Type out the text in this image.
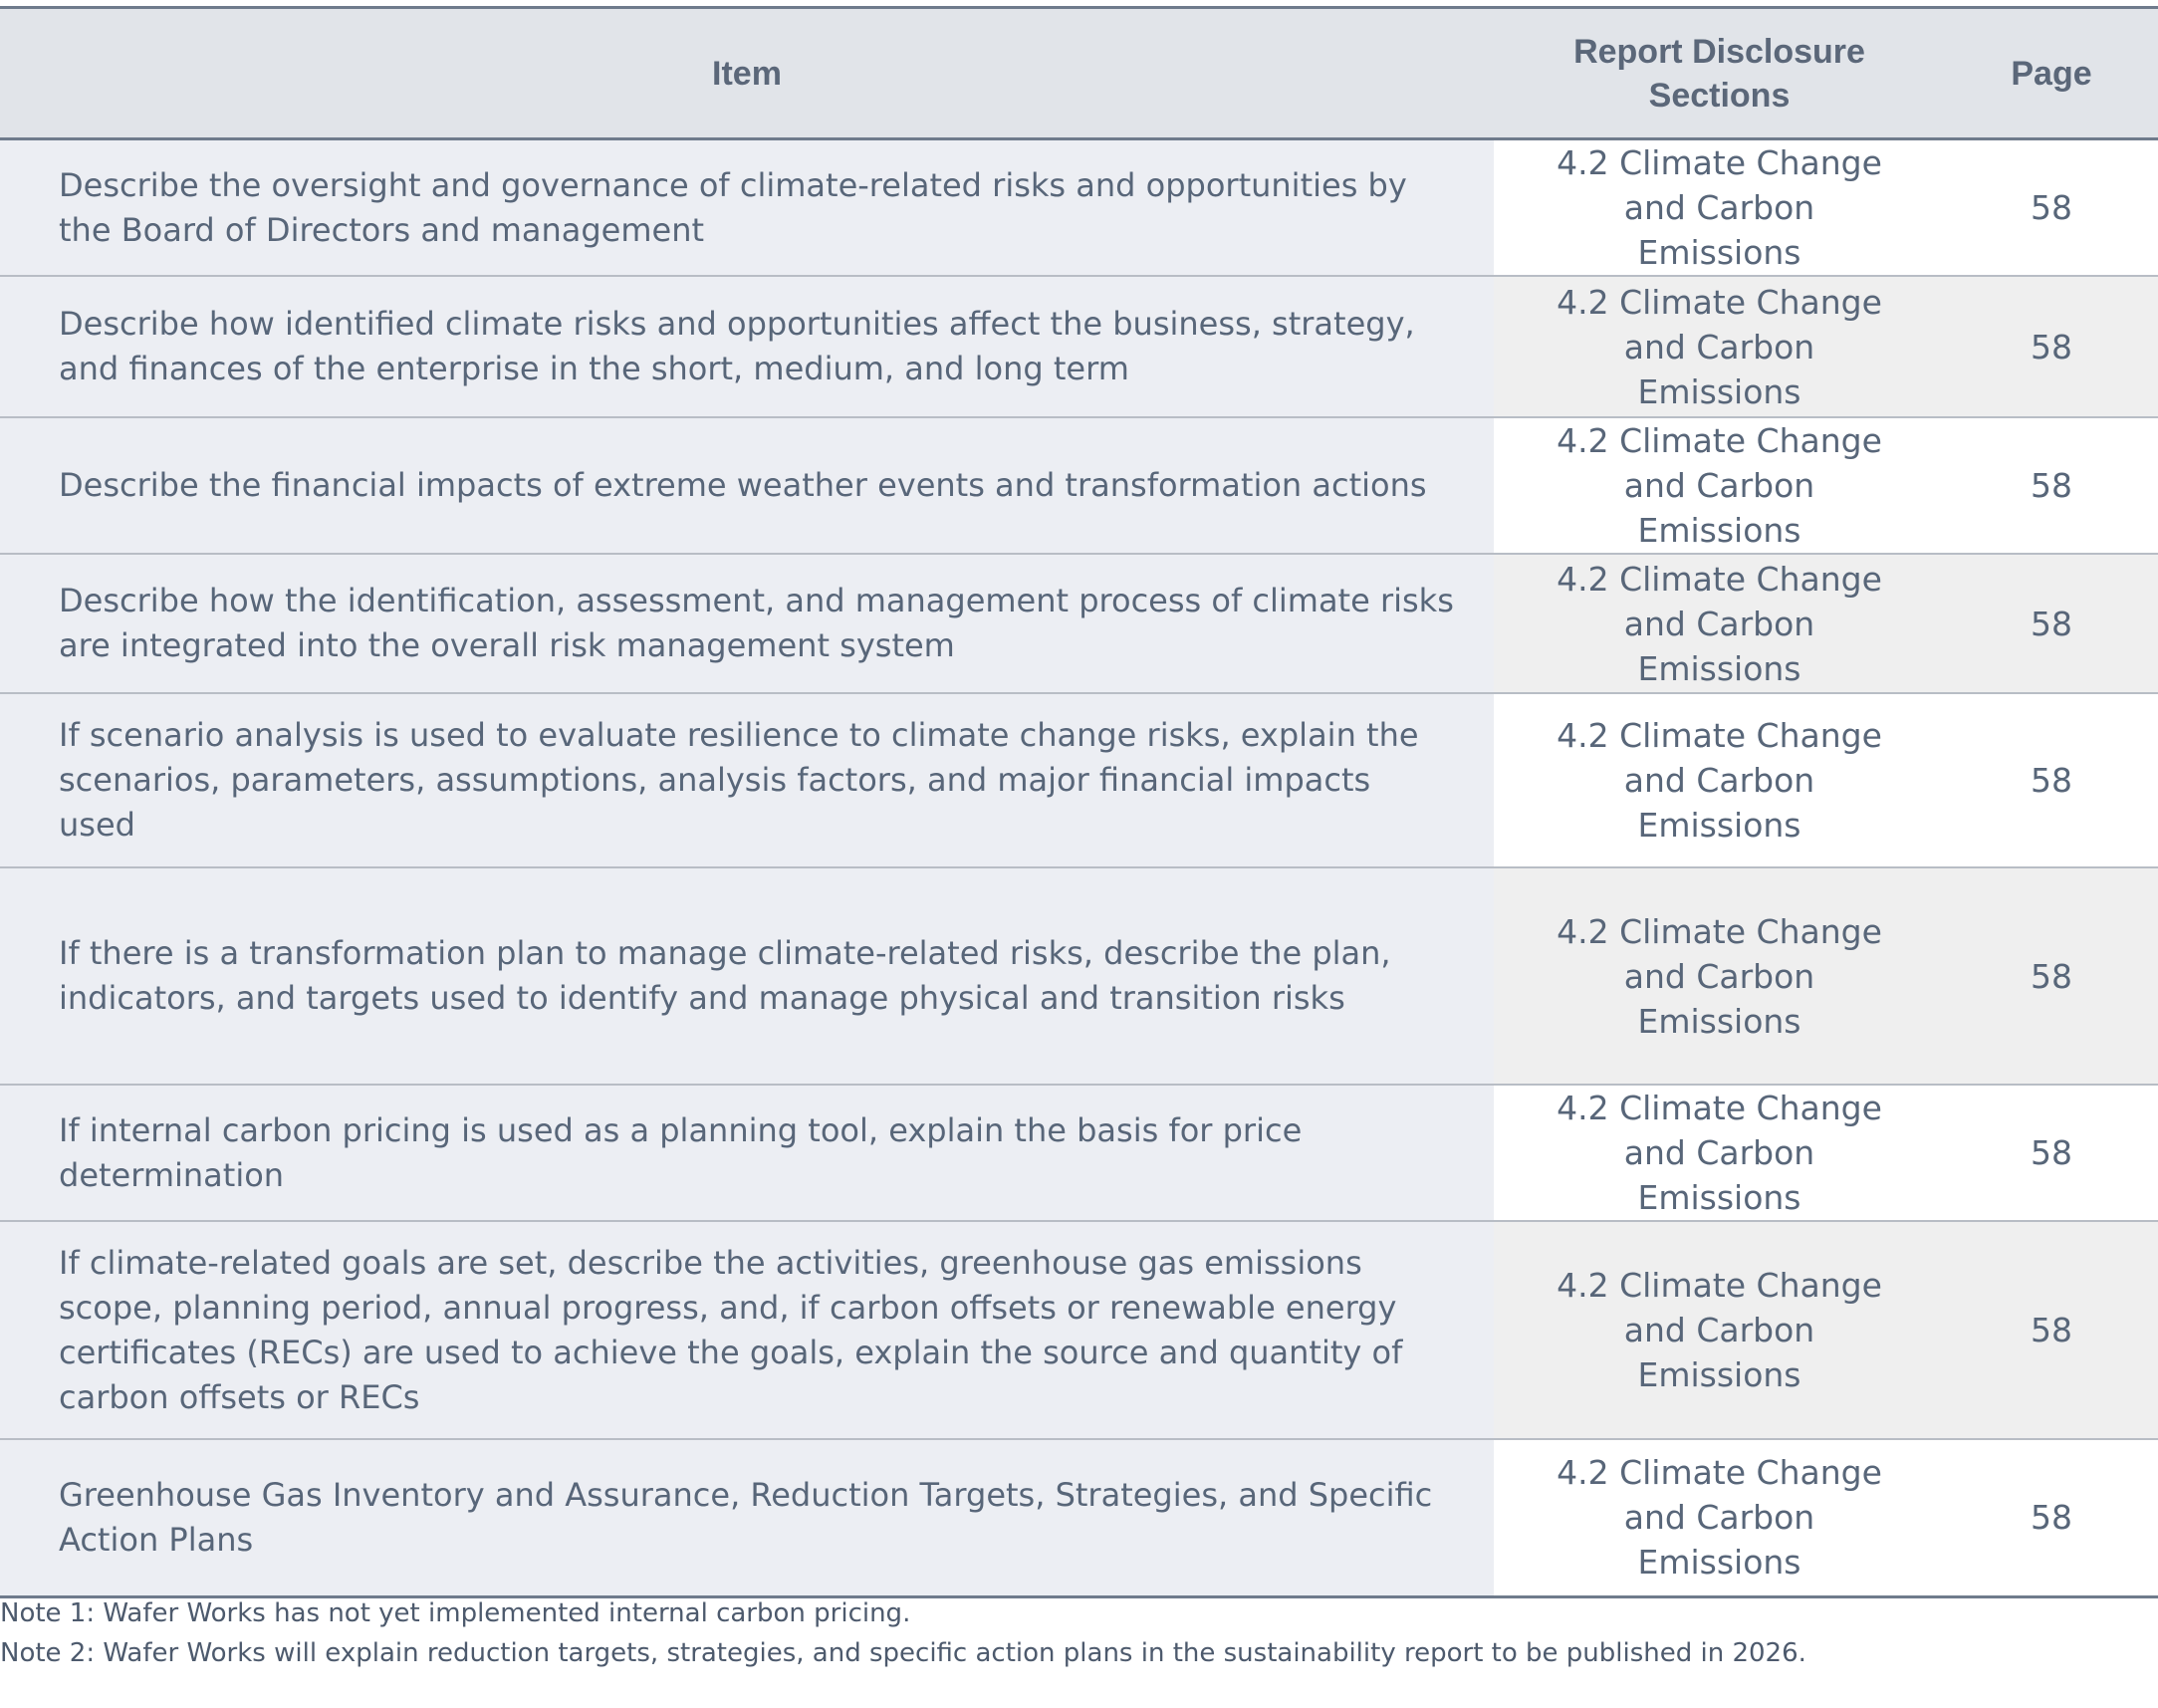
Item	Report Disclosure Sections	Page
Describe the oversight and governance of climate-related risks and opportunities by the Board of Directors and management	4.2 Climate Change and Carbon Emissions	58
Describe how identified climate risks and opportunities affect the business, strategy, and finances of the enterprise in the short, medium, and long term	4.2 Climate Change and Carbon Emissions	58
Describe the financial impacts of extreme weather events and transformation actions	4.2 Climate Change and Carbon Emissions	58
Describe how the identification, assessment, and management process of climate risks are integrated into the overall risk management system	4.2 Climate Change and Carbon Emissions	58
If scenario analysis is used to evaluate resilience to climate change risks, explain the scenarios, parameters, assumptions, analysis factors, and major financial impacts used	4.2 Climate Change and Carbon Emissions	58
If there is a transformation plan to manage climate-related risks, describe the plan, indicators, and targets used to identify and manage physical and transition risks	4.2 Climate Change and Carbon Emissions	58
If internal carbon pricing is used as a planning tool, explain the basis for price determination	4.2 Climate Change and Carbon Emissions	58
If climate-related goals are set, describe the activities, greenhouse gas emissions scope, planning period, annual progress, and, if carbon offsets or renewable energy certificates (RECs) are used to achieve the goals, explain the source and quantity of carbon offsets or RECs	4.2 Climate Change and Carbon Emissions	58
Greenhouse Gas Inventory and Assurance, Reduction Targets, Strategies, and Specific Action Plans	4.2 Climate Change and Carbon Emissions	58

Note 1: Wafer Works has not yet implemented internal carbon pricing.

Note 2: Wafer Works will explain reduction targets, strategies, and specific action plans in the sustainability report to be published in 2026.
